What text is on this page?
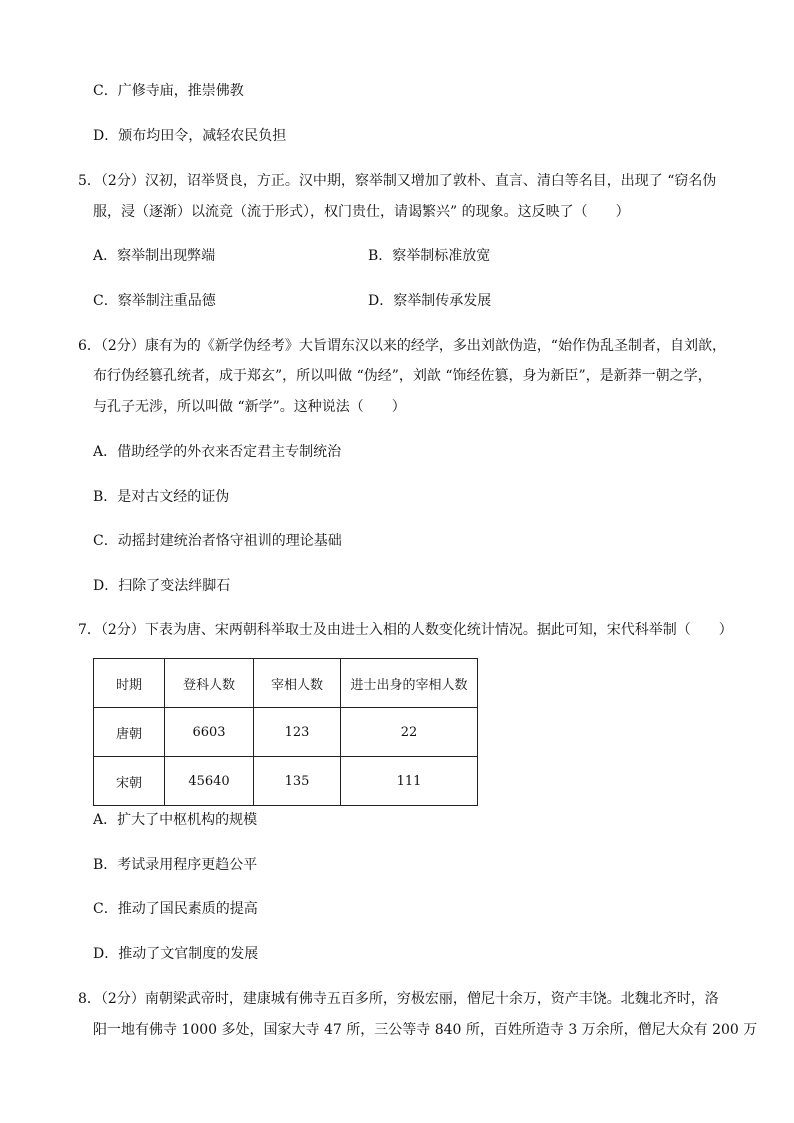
C．广修寺庙，推崇佛教
D．颁布均田令，减轻农民负担
5．（2分）汉初，诏举贤良，方正。汉中期，察举制又增加了敦朴、直言、清白等名目，出现了 “窃名伪
服，浸（逐渐）以流竞（流于形式），权门贵仕，请谒繁兴” 的现象。这反映了（　　）
A．察举制出现弊端	B．察举制标准放宽
C．察举制注重品德	D．察举制传承发展
6．（2分）康有为的《新学伪经考》大旨谓东汉以来的经学，多出刘歆伪造，“始作伪乱圣制者，自刘歆，
布行伪经篡孔统者，成于郑玄”，所以叫做 “伪经”，刘歆 “饰经佐篡，身为新臣”，是新莽一朝之学，
与孔子无涉，所以叫做 “新学”。这种说法（　　）
A．借助经学的外衣来否定君主专制统治
B．是对古文经的证伪
C．动摇封建统治者恪守祖训的理论基础
D．扫除了变法绊脚石
7．（2分）下表为唐、宋两朝科举取士及由进士入相的人数变化统计情况。据此可知，宋代科举制（　　）
时期	登科人数	宰相人数	进士出身的宰相人数
唐朝	6603	123	22
宋朝	45640	135	111
A．扩大了中枢机构的规模
B．考试录用程序更趋公平
C．推动了国民素质的提高
D．推动了文官制度的发展
8．（2分）南朝梁武帝时，建康城有佛寺五百多所，穷极宏丽，僧尼十余万，资产丰饶。北魏北齐时，洛
阳一地有佛寺 1000 多处，国家大寺 47 所，三公等寺 840 所，百姓所造寺 3 万余所，僧尼大众有 200 万
